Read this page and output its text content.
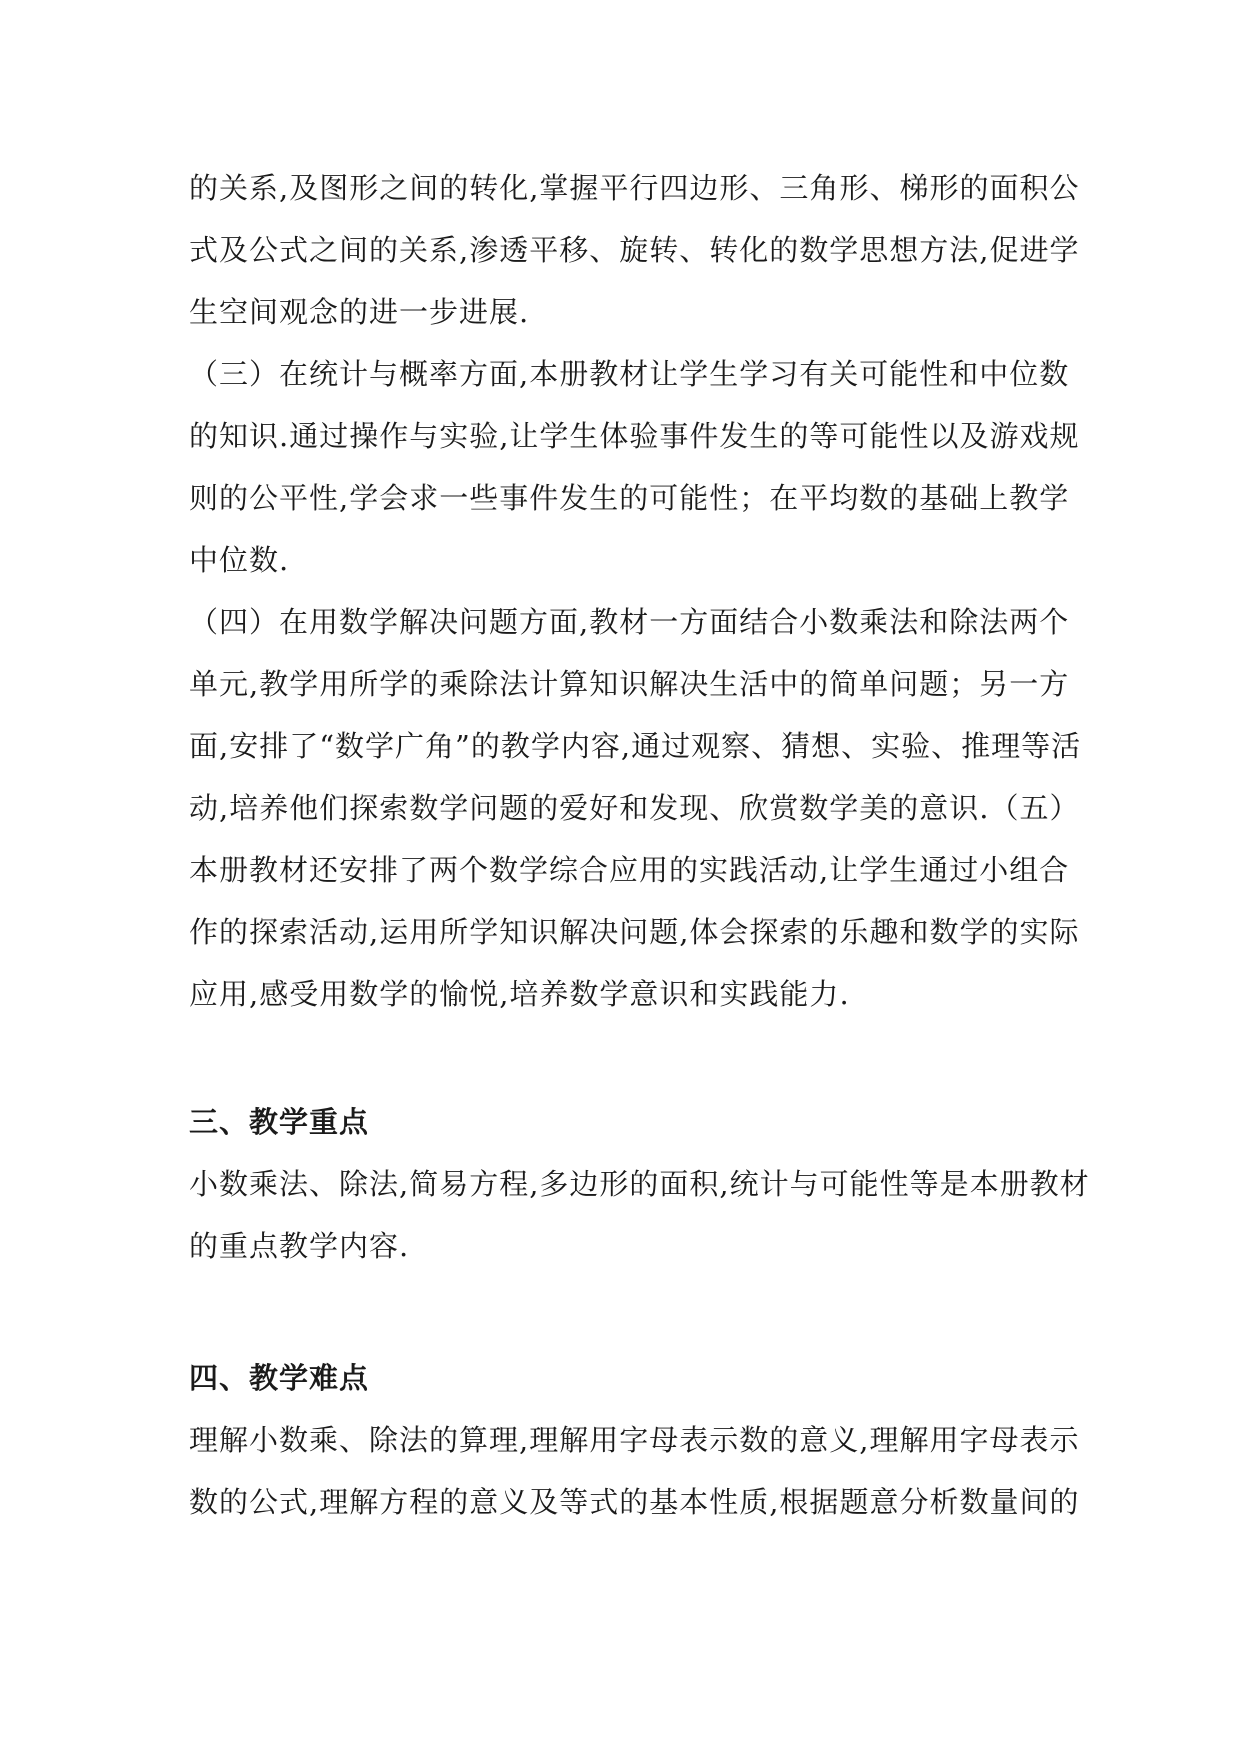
的关系,及图形之间的转化,掌握平行四边形、三角形、梯形的面积公
式及公式之间的关系,渗透平移、旋转、转化的数学思想方法,促进学
生空间观念的进一步进展.
（三）在统计与概率方面,本册教材让学生学习有关可能性和中位数
的知识.通过操作与实验,让学生体验事件发生的等可能性以及游戏规
则的公平性,学会求一些事件发生的可能性；在平均数的基础上教学
中位数.
（四）在用数学解决问题方面,教材一方面结合小数乘法和除法两个
单元,教学用所学的乘除法计算知识解决生活中的简单问题；另一方
面,安排了“数学广角”的教学内容,通过观察、猜想、实验、推理等活
动,培养他们探索数学问题的爱好和发现、欣赏数学美的意识.（五）
本册教材还安排了两个数学综合应用的实践活动,让学生通过小组合
作的探索活动,运用所学知识解决问题,体会探索的乐趣和数学的实际
应用,感受用数学的愉悦,培养数学意识和实践能力.
三、教学重点
小数乘法、除法,简易方程,多边形的面积,统计与可能性等是本册教材
的重点教学内容.
四、教学难点
理解小数乘、除法的算理,理解用字母表示数的意义,理解用字母表示
数的公式,理解方程的意义及等式的基本性质,根据题意分析数量间的
